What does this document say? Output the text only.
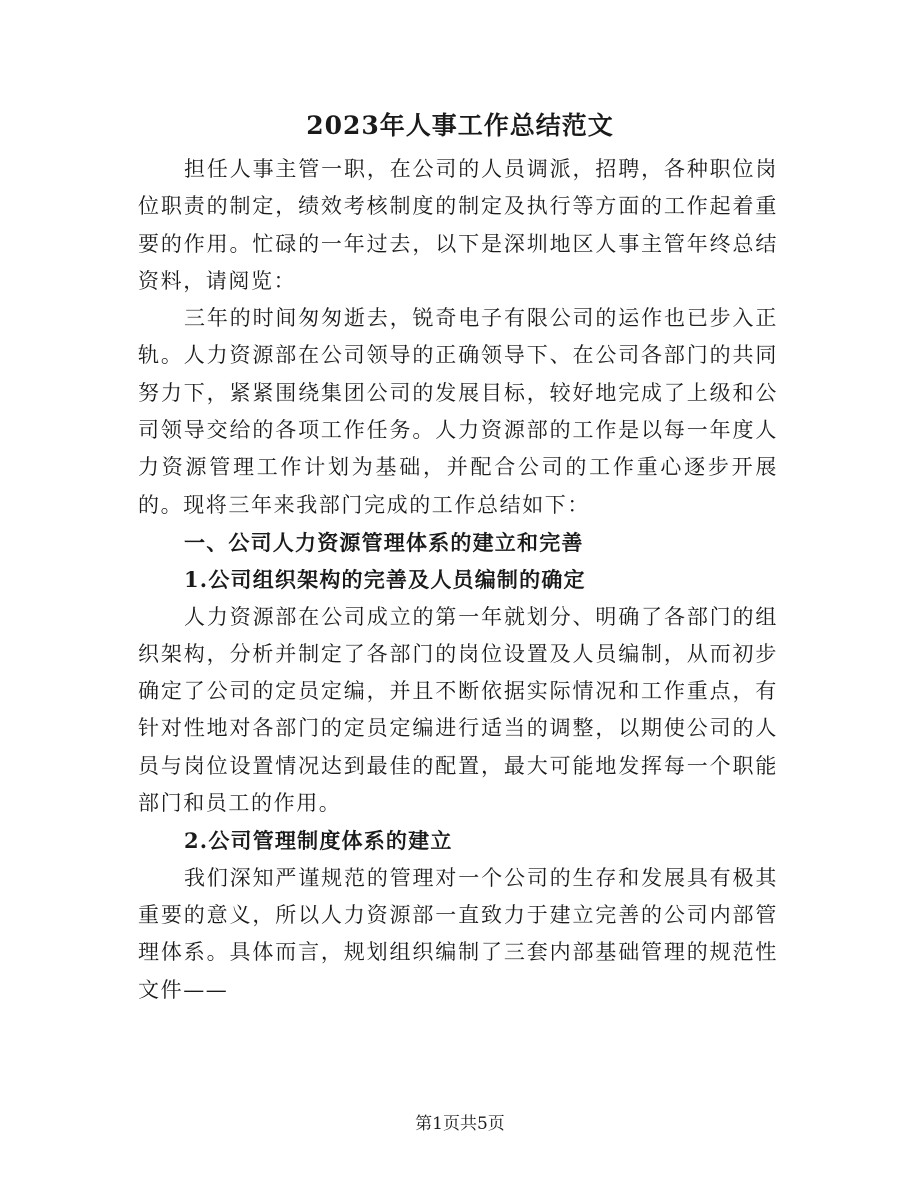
2023年人事工作总结范文

担任人事主管一职，在公司的人员调派，招聘，各种职位岗位职责的制定，绩效考核制度的制定及执行等方面的工作起着重要的作用。忙碌的一年过去，以下是深圳地区人事主管年终总结资料，请阅览：

三年的时间匆匆逝去，锐奇电子有限公司的运作也已步入正轨。人力资源部在公司领导的正确领导下、在公司各部门的共同努力下，紧紧围绕集团公司的发展目标，较好地完成了上级和公司领导交给的各项工作任务。人力资源部的工作是以每一年度人力资源管理工作计划为基础，并配合公司的工作重心逐步开展的。现将三年来我部门完成的工作总结如下：

一、公司人力资源管理体系的建立和完善

1.公司组织架构的完善及人员编制的确定

人力资源部在公司成立的第一年就划分、明确了各部门的组织架构，分析并制定了各部门的岗位设置及人员编制，从而初步确定了公司的定员定编，并且不断依据实际情况和工作重点，有针对性地对各部门的定员定编进行适当的调整，以期使公司的人员与岗位设置情况达到最佳的配置，最大可能地发挥每一个职能部门和员工的作用。

2.公司管理制度体系的建立

我们深知严谨规范的管理对一个公司的生存和发展具有极其重要的意义，所以人力资源部一直致力于建立完善的公司内部管理体系。具体而言，规划组织编制了三套内部基础管理的规范性文件——

第1页共5页
